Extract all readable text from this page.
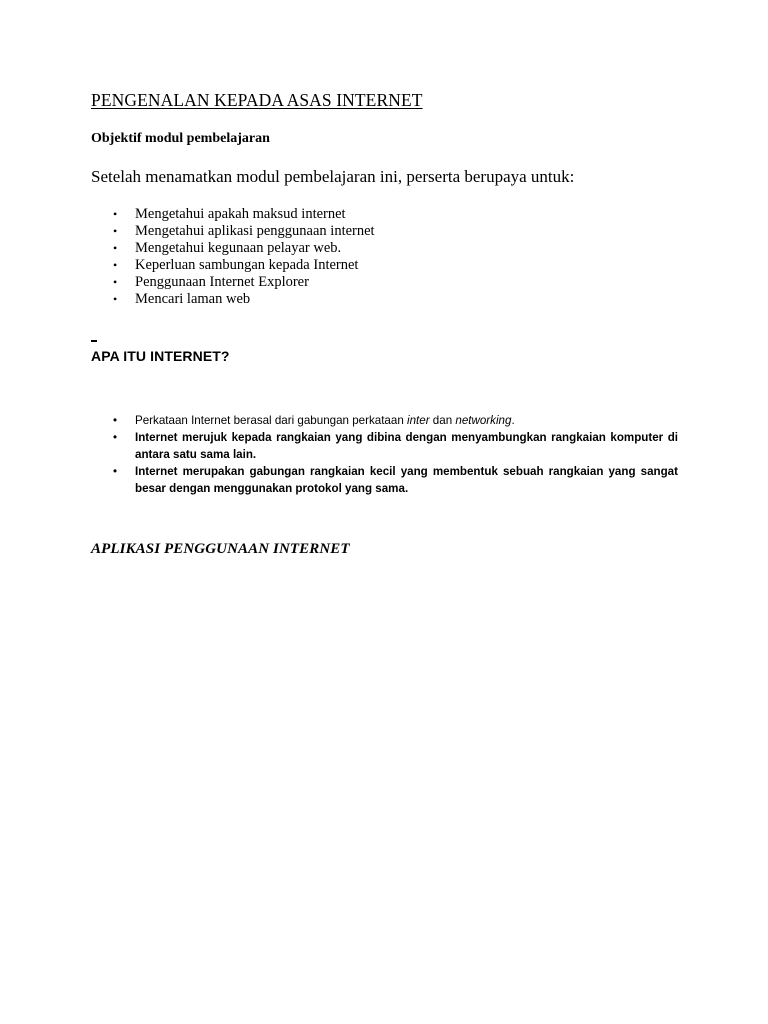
PENGENALAN KEPADA ASAS INTERNET
Objektif modul pembelajaran

Setelah menamatkan modul pembelajaran ini, perserta berupaya untuk:

• Mengetahui apakah maksud internet
• Mengetahui aplikasi penggunaan internet
• Mengetahui kegunaan pelayar web.
• Keperluan sambungan kepada Internet
• Penggunaan Internet Explorer
• Mencari laman web
APA ITU INTERNET?
• Perkataan Internet berasal dari gabungan perkataan inter dan networking.
• Internet merujuk kepada rangkaian yang dibina dengan menyambungkan rangkaian komputer di antara satu sama lain.
• Internet merupakan gabungan rangkaian kecil yang membentuk sebuah rangkaian yang sangat besar dengan menggunakan protokol yang sama.
APLIKASI PENGGUNAAN INTERNET
